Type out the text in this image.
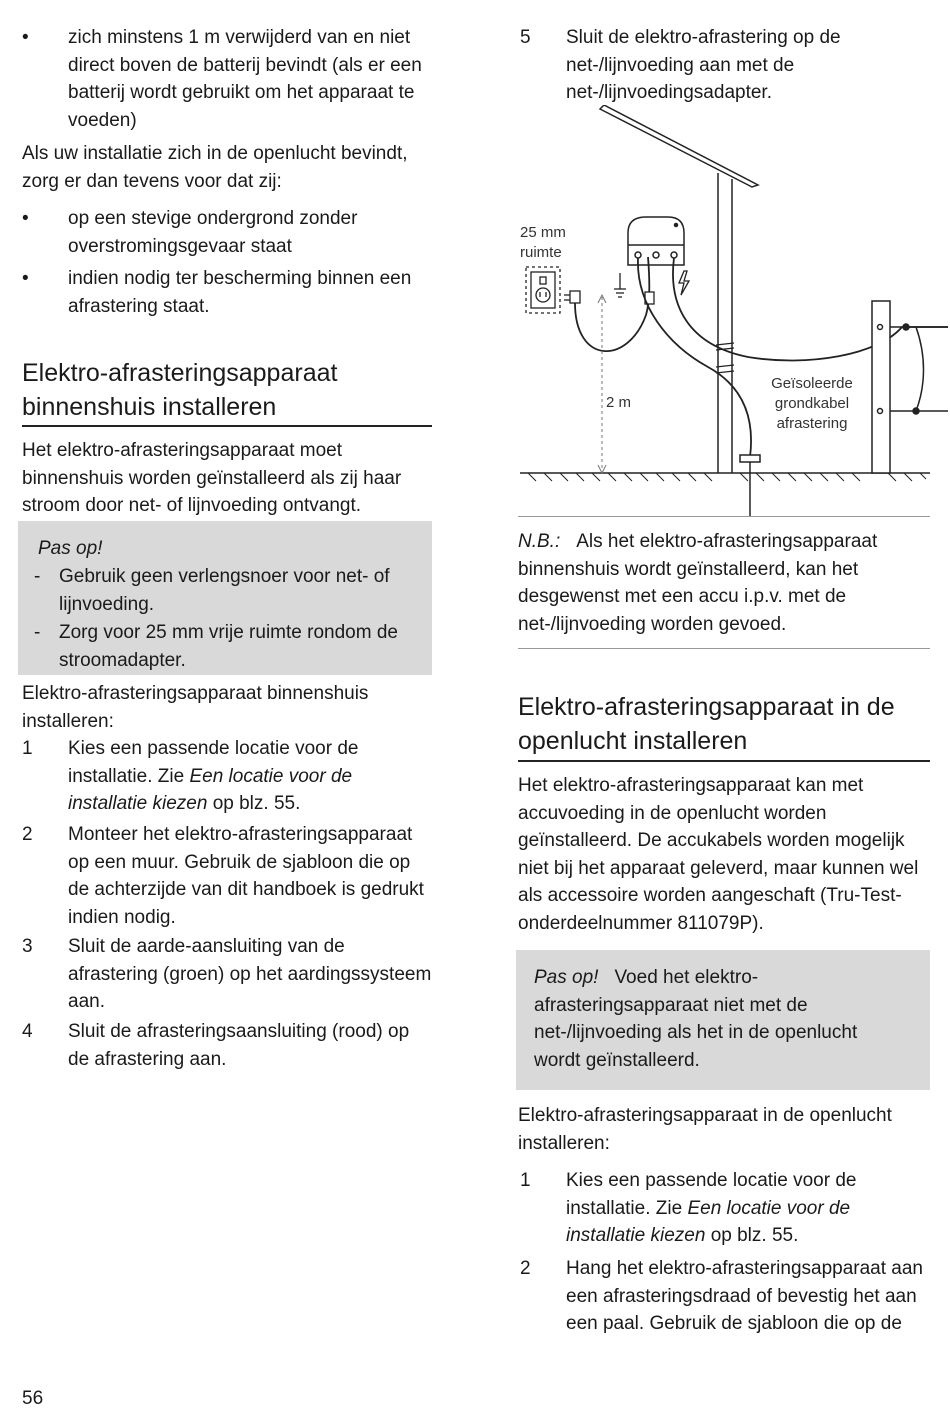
•	zich minstens 1 m verwijderd van en niet direct boven de batterij bevindt (als er een batterij wordt gebruikt om het apparaat te voeden)

Als uw installatie zich in de openlucht bevindt, zorg er dan tevens voor dat zij:

•	op een stevige ondergrond zonder overstromingsgevaar staat
•	indien nodig ter bescherming binnen een afrastering staat.
Elektro-afrasteringsapparaat binnenshuis installeren

Het elektro-afrasteringsapparaat moet binnenshuis worden geïnstalleerd als zij haar stroom door net- of lijnvoeding ontvangt.

Pas op!
- Gebruik geen verlengsnoer voor net- of lijnvoeding.
- Zorg voor 25 mm vrije ruimte rondom de stroomadapter.

Elektro-afrasteringsapparaat binnenshuis installeren:

1 Kies een passende locatie voor de installatie. Zie Een locatie voor de installatie kiezen op blz. 55.
2 Monteer het elektro-afrasteringsapparaat op een muur. Gebruik de sjabloon die op de achterzijde van dit handboek is gedrukt indien nodig.
3 Sluit de aarde-aansluiting van de afrastering (groen) op het aardingssysteem aan.
4 Sluit de afrasteringsaansluiting (rood) op de afrastering aan.
5 Sluit de elektro-afrastering op de net-/lijnvoeding aan met de net-/lijnvoedingsadapter.
25 mm
ruimte
2 m
Geïsoleerde
grondkabel
afrastering

N.B.: Als het elektro-afrasteringsapparaat binnenshuis wordt geïnstalleerd, kan het desgewenst met een accu i.p.v. met de net-/lijnvoeding worden gevoed.

Elektro-afrasteringsapparaat in de openlucht installeren

Het elektro-afrasteringsapparaat kan met accuvoeding in de openlucht worden geïnstalleerd. De accukabels worden mogelijk niet bij het apparaat geleverd, maar kunnen wel als accessoire worden aangeschaft (Tru-Test-onderdeelnummer 811079P).

Pas op! Voed het elektro-afrasteringsapparaat niet met de net-/lijnvoeding als het in de openlucht wordt geïnstalleerd.

Elektro-afrasteringsapparaat in de openlucht installeren:

1 Kies een passende locatie voor de installatie. Zie Een locatie voor de installatie kiezen op blz. 55.
2 Hang het elektro-afrasteringsapparaat aan een afrasteringsdraad of bevestig het aan een paal. Gebruik de sjabloon die op de
56
